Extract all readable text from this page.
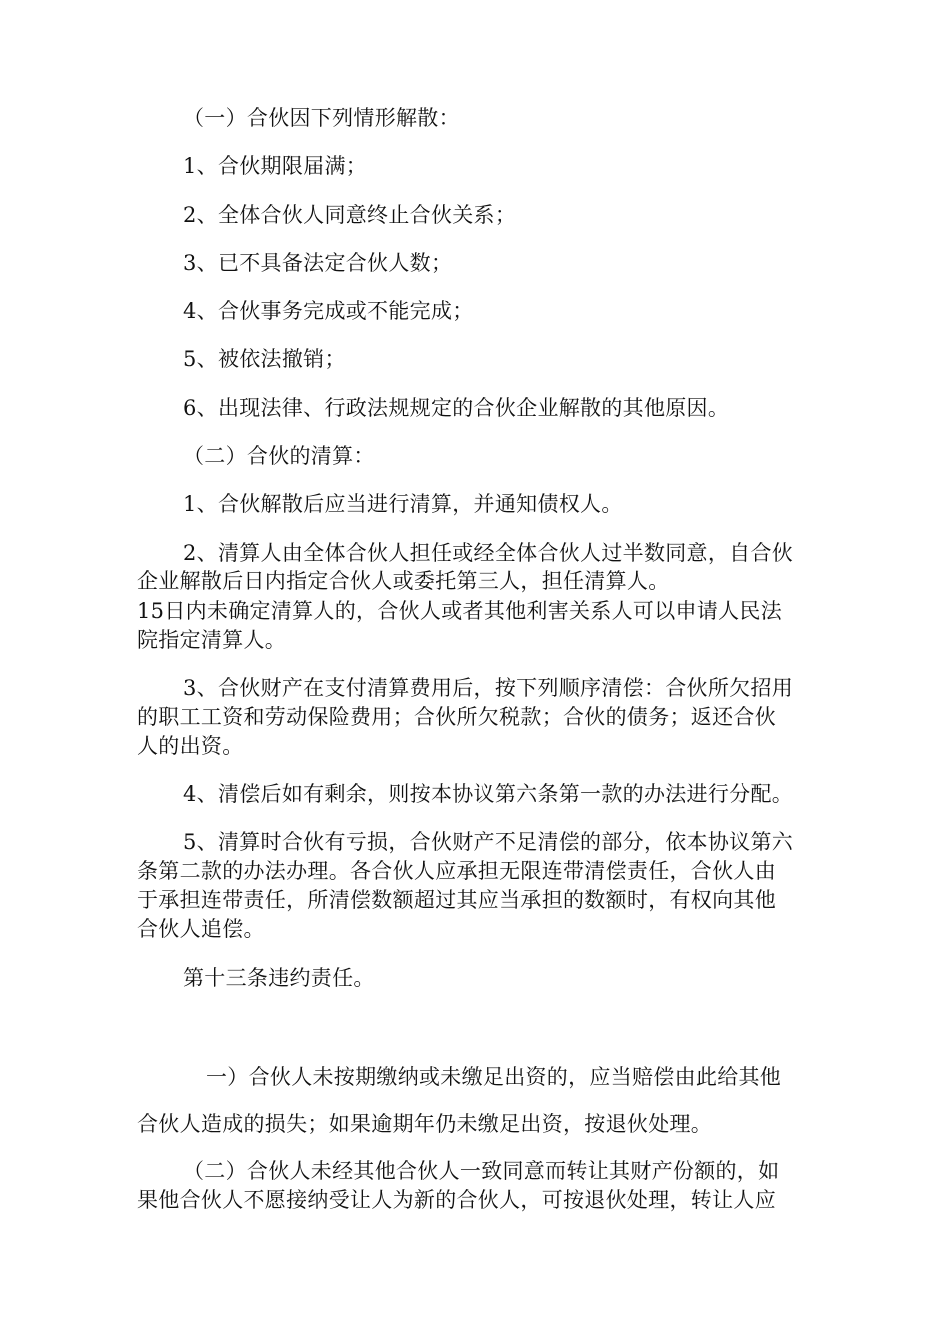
（一）合伙因下列情形解散：
1、合伙期限届满；
2、全体合伙人同意终止合伙关系；
3、已不具备法定合伙人数；
4、合伙事务完成或不能完成；
5、被依法撤销；
6、出现法律、行政法规规定的合伙企业解散的其他原因。
（二）合伙的清算：
1、合伙解散后应当进行清算，并通知债权人。
2、清算人由全体合伙人担任或经全体合伙人过半数同意，自合伙
企业解散后日内指定合伙人或委托第三人，担任清算人。
15日内未确定清算人的，合伙人或者其他利害关系人可以申请人民法
院指定清算人。
3、合伙财产在支付清算费用后，按下列顺序清偿：合伙所欠招用
的职工工资和劳动保险费用；合伙所欠税款；合伙的债务；返还合伙
人的出资。
4、清偿后如有剩余，则按本协议第六条第一款的办法进行分配。
5、清算时合伙有亏损，合伙财产不足清偿的部分，依本协议第六
条第二款的办法办理。各合伙人应承担无限连带清偿责任，合伙人由
于承担连带责任，所清偿数额超过其应当承担的数额时，有权向其他
合伙人追偿。
第十三条违约责任。
一）合伙人未按期缴纳或未缴足出资的，应当赔偿由此给其他
合伙人造成的损失；如果逾期年仍未缴足出资，按退伙处理。
（二）合伙人未经其他合伙人一致同意而转让其财产份额的，如
果他合伙人不愿接纳受让人为新的合伙人，可按退伙处理，转让人应
